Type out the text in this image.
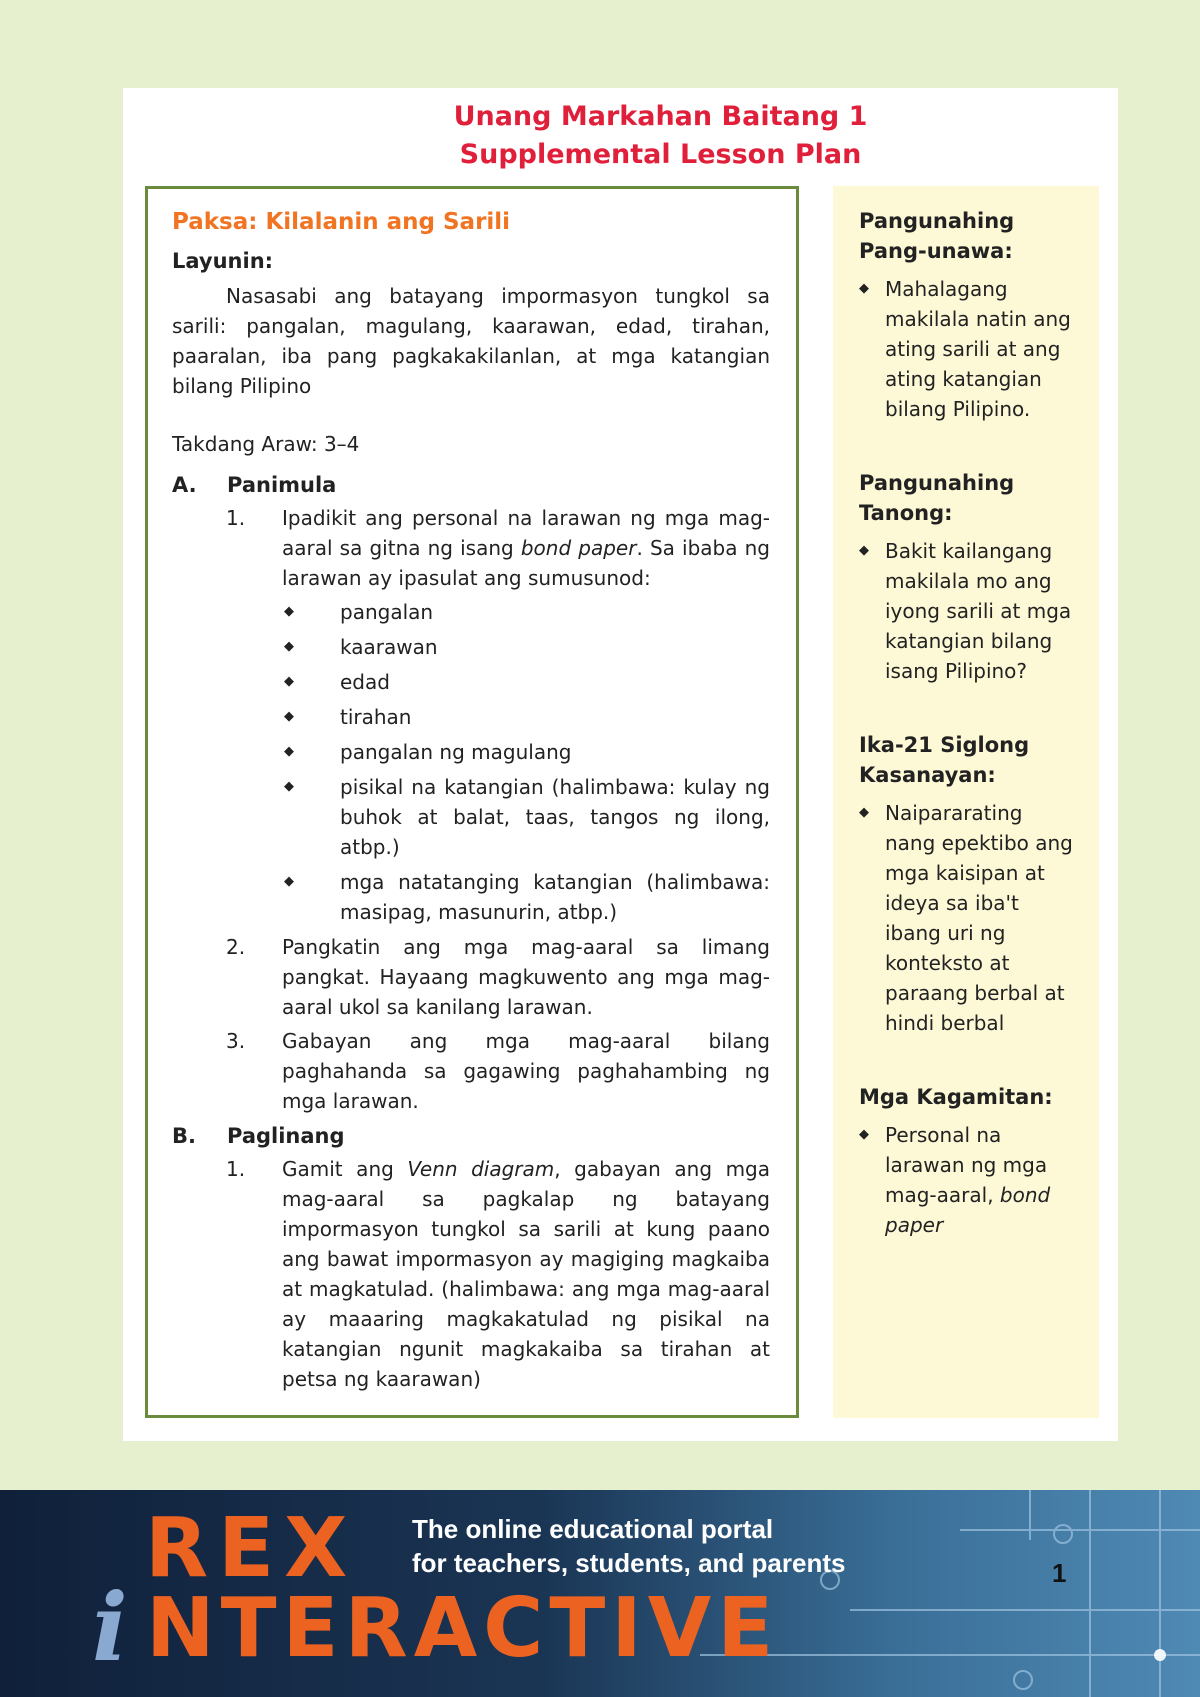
Unang Markahan Baitang 1
Supplemental Lesson Plan

Paksa: Kilalanin ang Sarili

Layunin:

Nasasabi ang batayang impormasyon tungkol sa sarili: pangalan, magulang, kaarawan, edad, tirahan, paaralan, iba pang pagkakakilanlan, at mga katangian bilang Pilipino

Takdang Araw: 3–4

A.	Panimula
1.	Ipadikit ang personal na larawan ng mga mag-aaral sa gitna ng isang bond paper. Sa ibaba ng larawan ay ipasulat ang sumusunod:
◆	pangalan
◆	kaarawan
◆	edad
◆	tirahan
◆	pangalan ng magulang
◆	pisikal na katangian (halimbawa: kulay ng buhok at balat, taas, tangos ng ilong, atbp.)
◆	mga natatanging katangian (halimbawa: masipag, masunurin, atbp.)
2.	Pangkatin ang mga mag-aaral sa limang pangkat. Hayaang magkuwento ang mga mag-aaral ukol sa kanilang larawan.
3.	Gabayan ang mga mag-aaral bilang paghahanda sa gagawing paghahambing ng mga larawan.
B.	Paglinang
1.	Gamit ang Venn diagram, gabayan ang mga mag-aaral sa pagkalap ng batayang impormasyon tungkol sa sarili at kung paano ang bawat impormasyon ay magiging magkaiba at magkatulad. (halimbawa: ang mga mag-aaral ay maaaring magkakatulad ng pisikal na katangian ngunit magkakaiba sa tirahan at petsa ng kaarawan)
Pangunahing Pang-unawa:
◆ Mahalagang makilala natin ang ating sarili at ang ating katangian bilang Pilipino.
Pangunahing Tanong:
◆ Bakit kailangang makilala mo ang iyong sarili at mga katangian bilang isang Pilipino?
Ika-21 Siglong Kasanayan:
◆ Naipararating nang epektibo ang mga kaisipan at ideya sa iba't ibang uri ng konteksto at paraang berbal at hindi berbal
Mga Kagamitan:
◆ Personal na larawan ng mga mag-aaral, bond paper
REX
i NTERACTIVE
The online educational portal
for teachers, students, and parents	1
